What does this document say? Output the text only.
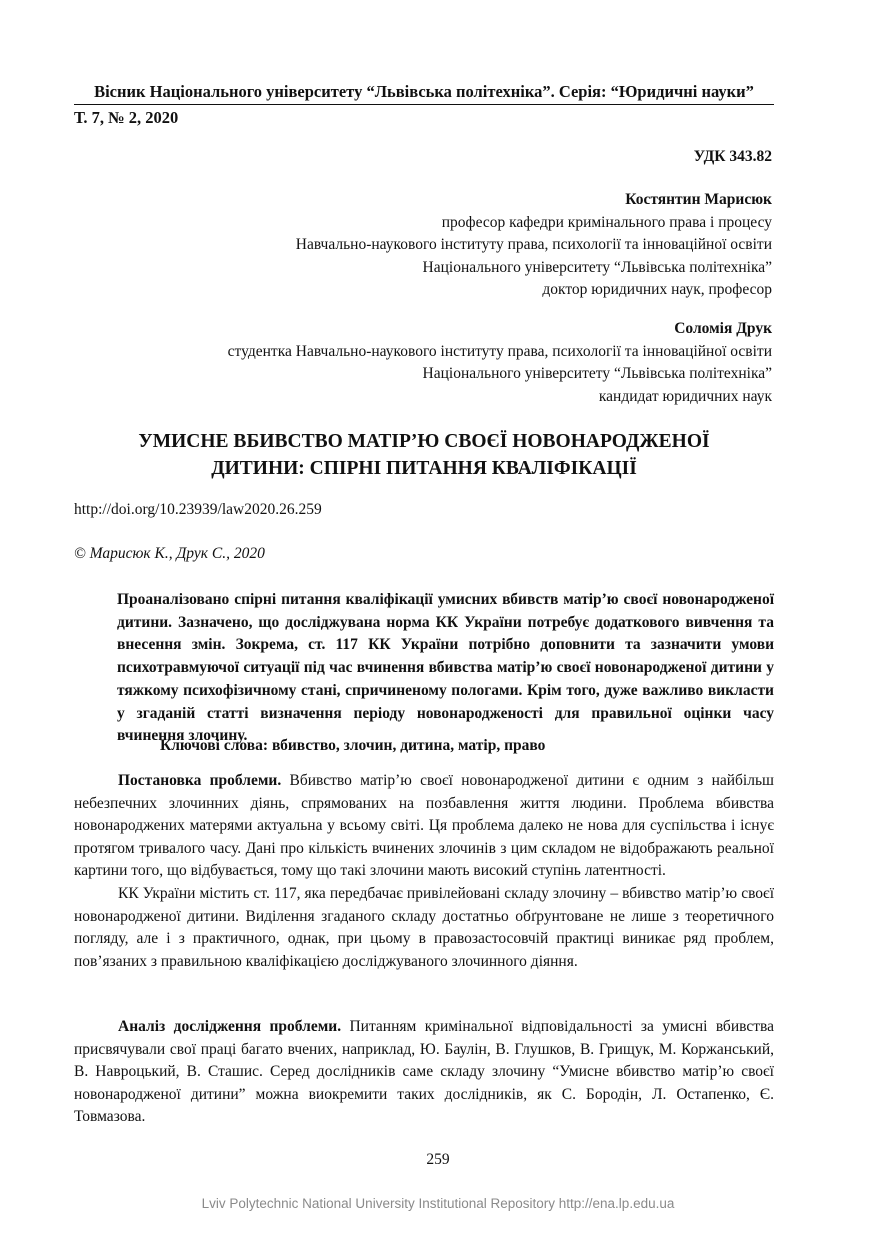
Вісник Національного університету “Львівська політехніка”. Серія: “Юридичні науки”
Т. 7, № 2, 2020
УДК 343.82
Костянтин Марисюк
професор кафедри кримінального права і процесу
Навчально-наукового інституту права, психології та інноваційної освіти
Національного університету “Львівська політехніка”
доктор юридичних наук, професор
Соломія Друк
студентка Навчально-наукового інституту права, психології та інноваційної освіти
Національного університету “Львівська політехніка”
кандидат юридичних наук
УМИСНЕ ВБИВСТВО МАТІР’Ю СВОЄЇ НОВОНАРОДЖЕНОЇ
ДИТИНИ: СПІРНІ ПИТАННЯ КВАЛІФІКАЦІЇ
http://doi.org/10.23939/law2020.26.259
© Марисюк К., Друк С., 2020
Проаналізовано спірні питання кваліфікації умисних вбивств матір’ю своєї новонародженої дитини. Зазначено, що досліджувана норма КК України потребує додаткового вивчення та внесення змін. Зокрема, ст. 117 КК України потрібно доповнити та зазначити умови психотравмуючої ситуації під час вчинення вбивства матір’ю своєї новонародженої дитини у тяжкому психофізичному стані, спричиненому пологами. Крім того, дуже важливо викласти у згаданій статті визначення періоду новонародженості для правильної оцінки часу вчинення злочину.
Ключові слова: вбивство, злочин, дитина, матір, право

Постановка проблеми. Вбивство матір’ю своєї новонародженої дитини є одним з найбільш небезпечних злочинних діянь, спрямованих на позбавлення життя людини. Проблема вбивства новонароджених матерями актуальна у всьому світі. Ця проблема далеко не нова для суспільства і існує протягом тривалого часу. Дані про кількість вчинених злочинів з цим складом не відображають реальної картини того, що відбувається, тому що такі злочини мають високий ступінь латентності.

КК України містить ст. 117, яка передбачає привілейовані складу злочину – вбивство матір’ю своєї новонародженої дитини. Виділення згаданого складу достатньо обґрунтоване не лише з теоретичного погляду, але і з практичного, однак, при цьому в правозастосовчій практиці виникає ряд проблем, пов’язаних з правильною кваліфікацією досліджуваного злочинного діяння.

Аналіз дослідження проблеми. Питанням кримінальної відповідальності за умисні вбивства присвячували свої праці багато вчених, наприклад, Ю. Баулін, В. Глушков, В. Грищук, М. Коржанський, В. Навроцький, В. Сташис. Серед дослідників саме складу злочину “Умисне вбивство матір’ю своєї новонародженої дитини” можна виокремити таких дослідників, як С. Бородін, Л. Остапенко, Є. Товмазова.

259
Lviv Polytechnic National University Institutional Repository http://ena.lp.edu.ua
